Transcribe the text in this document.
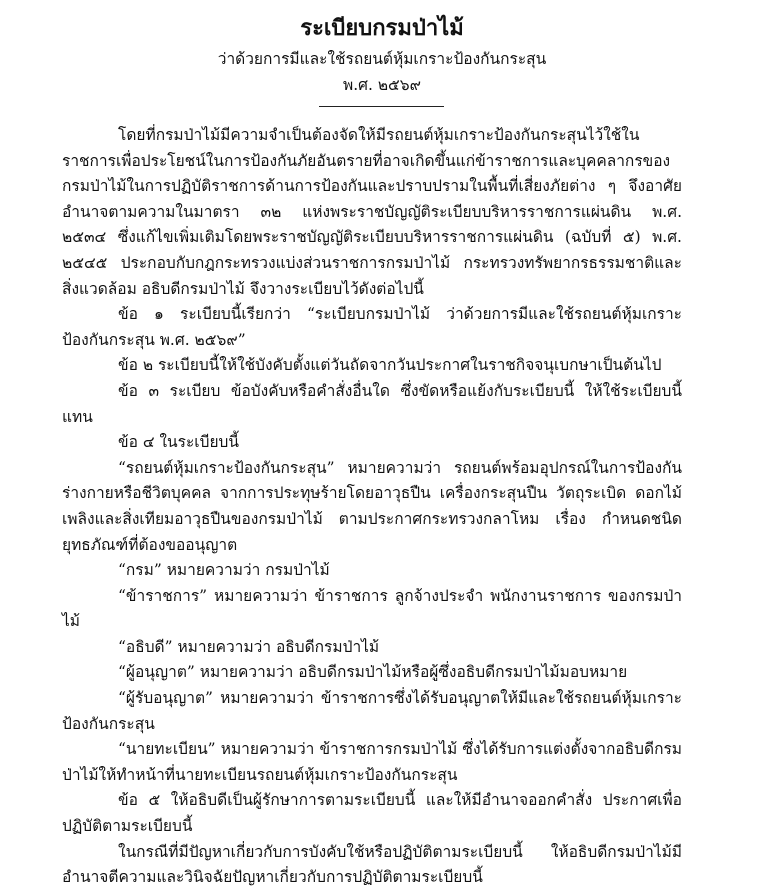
ระเบียบกรมป่าไม้
ว่าด้วยการมีและใช้รถยนต์หุ้มเกราะป้องกันกระสุน
พ.ศ. ๒๕๖๙

โดยที่กรมป่าไม้มีความจำเป็นต้องจัดให้มีรถยนต์หุ้มเกราะป้องกันกระสุนไว้ใช้ในราชการเพื่อประโยชน์ในการป้องกันภัยอันตรายที่อาจเกิดขึ้นแก่ข้าราชการและบุคคลากรของกรมป่าไม้ในการปฏิบัติราชการด้านการป้องกันและปราบปรามในพื้นที่เสี่ยงภัยต่าง ๆ จึงอาศัยอำนาจตามความในมาตรา ๓๒ แห่งพระราชบัญญัติระเบียบบริหารราชการแผ่นดิน พ.ศ. ๒๕๓๔ ซึ่งแก้ไขเพิ่มเติมโดยพระราชบัญญัติระเบียบบริหารราชการแผ่นดิน (ฉบับที่ ๕) พ.ศ. ๒๕๔๕ ประกอบกับกฎกระทรวงแบ่งส่วนราชการกรมป่าไม้ กระทรวงทรัพยากรธรรมชาติและสิ่งแวดล้อม อธิบดีกรมป่าไม้ จึงวางระเบียบไว้ดังต่อไปนี้

ข้อ ๑ ระเบียบนี้เรียกว่า “ระเบียบกรมป่าไม้ ว่าด้วยการมีและใช้รถยนต์หุ้มเกราะป้องกันกระสุน พ.ศ. ๒๕๖๙”

ข้อ ๒ ระเบียบนี้ให้ใช้บังคับตั้งแต่วันถัดจากวันประกาศในราชกิจจนุเบกษาเป็นต้นไป

ข้อ ๓ ระเบียบ ข้อบังคับหรือคำสั่งอื่นใด ซึ่งขัดหรือแย้งกับระเบียบนี้ ให้ใช้ระเบียบนี้แทน

ข้อ ๔ ในระเบียบนี้

“รถยนต์หุ้มเกราะป้องกันกระสุน” หมายความว่า รถยนต์พร้อมอุปกรณ์ในการป้องกันร่างกายหรือชีวิตบุคคล จากการประทุษร้ายโดยอาวุธปืน เครื่องกระสุนปืน วัตถุระเบิด ดอกไม้เพลิงและสิ่งเทียมอาวุธปืนของกรมป่าไม้ ตามประกาศกระทรวงกลาโหม เรื่อง กำหนดชนิดยุทธภัณฑ์ที่ต้องขออนุญาต

“กรม” หมายความว่า กรมป่าไม้

“ข้าราชการ” หมายความว่า ข้าราชการ ลูกจ้างประจำ พนักงานราชการ ของกรมป่าไม้

“อธิบดี” หมายความว่า อธิบดีกรมป่าไม้

“ผู้อนุญาต” หมายความว่า อธิบดีกรมป่าไม้หรือผู้ซึ่งอธิบดีกรมป่าไม้มอบหมาย

“ผู้รับอนุญาต” หมายความว่า ข้าราชการซึ่งได้รับอนุญาตให้มีและใช้รถยนต์หุ้มเกราะป้องกันกระสุน

“นายทะเบียน” หมายความว่า ข้าราชการกรมป่าไม้ ซึ่งได้รับการแต่งตั้งจากอธิบดีกรมป่าไม้ให้ทำหน้าที่นายทะเบียนรถยนต์หุ้มเกราะป้องกันกระสุน

ข้อ ๕ ให้อธิบดีเป็นผู้รักษาการตามระเบียบนี้ และให้มีอำนาจออกคำสั่ง ประกาศเพื่อปฏิบัติตามระเบียบนี้

ในกรณีที่มีปัญหาเกี่ยวกับการบังคับใช้หรือปฏิบัติตามระเบียบนี้ ให้อธิบดีกรมป่าไม้มีอำนาจตีความและวินิจฉัยปัญหาเกี่ยวกับการปฏิบัติตามระเบียบนี้
